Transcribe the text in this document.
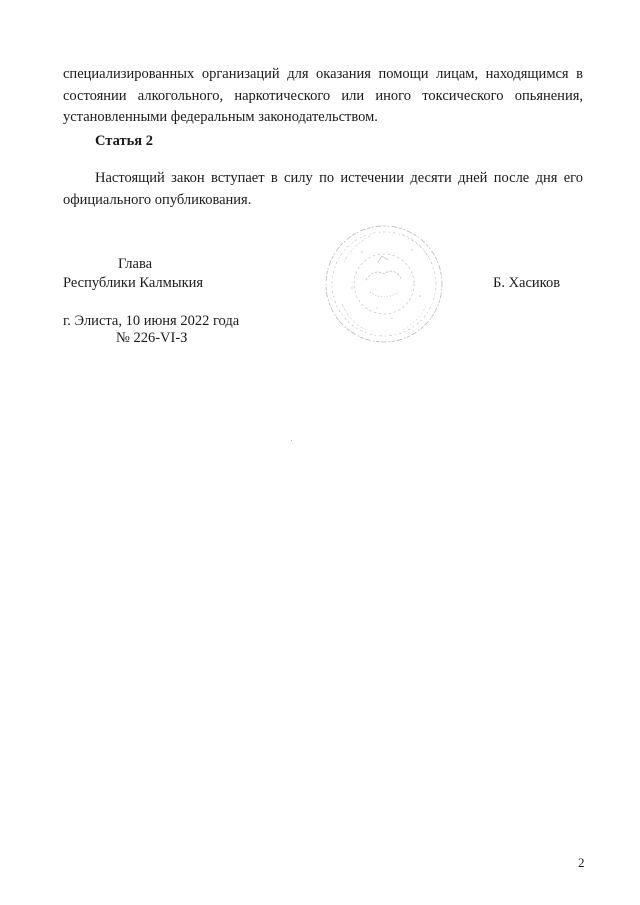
специализированных организаций для оказания помощи лицам, находящимся в
состоянии алкогольного, наркотического или иного токсического опьянения,
установленными федеральным законодательством.

Статья 2

Настоящий закон вступает в силу по истечении десяти дней после дня его
официального опубликования.

Глава

Республики Калмыкия	Б. Хасиков

г. Элиста, 10 июня 2022 года

№ 226-VI-З

2
